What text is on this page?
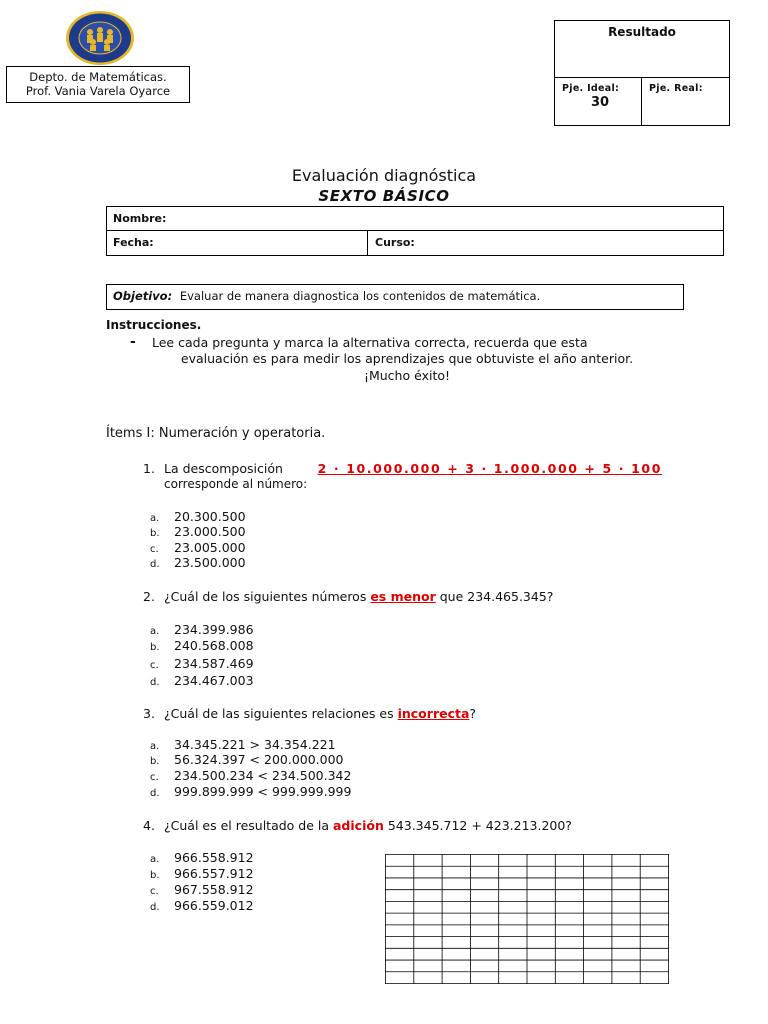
Depto. de Matemáticas.
Prof. Vania Varela Oyarce
Resultado
Pje. Ideal:
30
Pje. Real:
Evaluación diagnóstica
SEXTO BÁSICO
Nombre:
Fecha:	Curso:
Objetivo: Evaluar de manera diagnostica los contenidos de matemática.
Instrucciones.
- Lee cada pregunta y marca la alternativa correcta, recuerda que esta
evaluación es para medir los aprendizajes que obtuviste el año anterior.
¡Mucho éxito!
Ítems I: Numeración y operatoria.
1. La descomposición	2 · 10.000.000 + 3 · 1.000.000 + 5 · 100
corresponde al número:
a. 20.300.500
b. 23.000.500
c. 23.005.000
d. 23.500.000
2. ¿Cuál de los siguientes números es menor que 234.465.345?
a. 234.399.986
b. 240.568.008
c. 234.587.469
d. 234.467.003
3. ¿Cuál de las siguientes relaciones es incorrecta?
a. 34.345.221 > 34.354.221
b. 56.324.397 < 200.000.000
c. 234.500.234 < 234.500.342
d. 999.899.999 < 999.999.999
4. ¿Cuál es el resultado de la adición 543.345.712 + 423.213.200?
a. 966.558.912
b. 966.557.912
c. 967.558.912
d. 966.559.012
